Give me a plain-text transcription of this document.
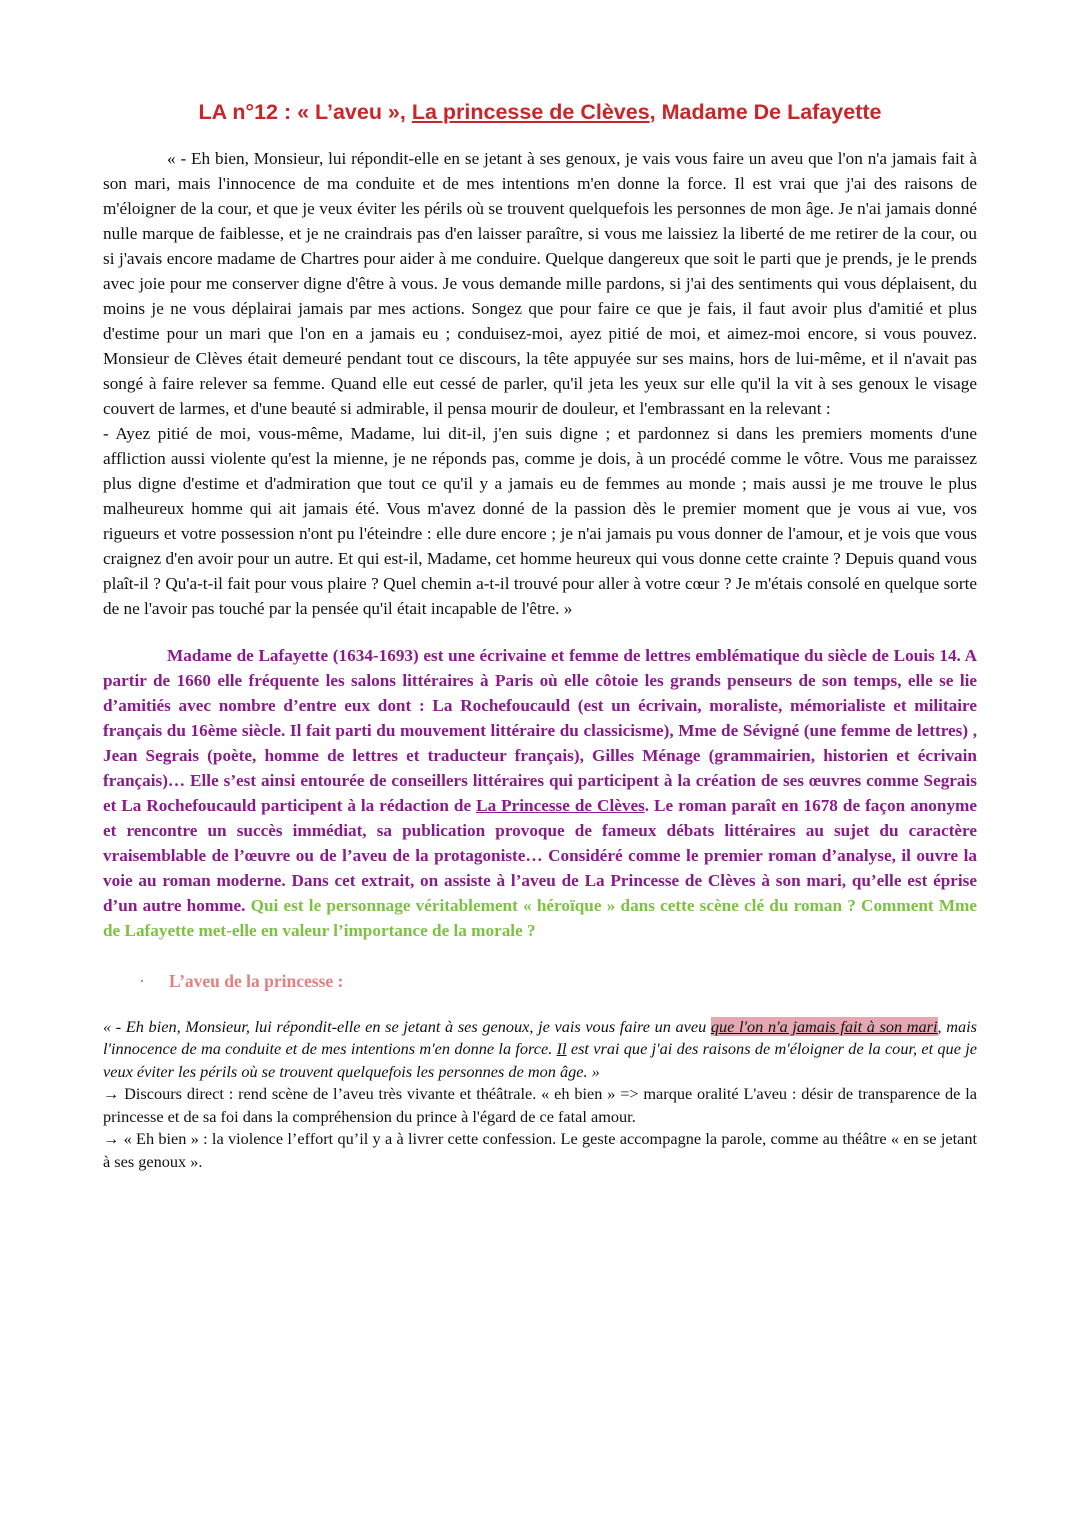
LA n°12 : « L’aveu », La princesse de Clèves, Madame De Lafayette

« - Eh bien, Monsieur, lui répondit-elle en se jetant à ses genoux, je vais vous faire un aveu que l'on n'a jamais fait à son mari, mais l'innocence de ma conduite et de mes intentions m'en donne la force. Il est vrai que j'ai des raisons de m'éloigner de la cour, et que je veux éviter les périls où se trouvent quelquefois les personnes de mon âge. Je n'ai jamais donné nulle marque de faiblesse, et je ne craindrais pas d'en laisser paraître, si vous me laissiez la liberté de me retirer de la cour, ou si j'avais encore madame de Chartres pour aider à me conduire. Quelque dangereux que soit le parti que je prends, je le prends avec joie pour me conserver digne d'être à vous. Je vous demande mille pardons, si j'ai des sentiments qui vous déplaisent, du moins je ne vous déplairai jamais par mes actions. Songez que pour faire ce que je fais, il faut avoir plus d'amitié et plus d'estime pour un mari que l'on en a jamais eu ; conduisez-moi, ayez pitié de moi, et aimez-moi encore, si vous pouvez. Monsieur de Clèves était demeuré pendant tout ce discours, la tête appuyée sur ses mains, hors de lui-même, et il n'avait pas songé à faire relever sa femme. Quand elle eut cessé de parler, qu'il jeta les yeux sur elle qu'il la vit à ses genoux le visage couvert de larmes, et d'une beauté si admirable, il pensa mourir de douleur, et l'embrassant en la relevant :

- Ayez pitié de moi, vous-même, Madame, lui dit-il, j'en suis digne ; et pardonnez si dans les premiers moments d'une affliction aussi violente qu'est la mienne, je ne réponds pas, comme je dois, à un procédé comme le vôtre. Vous me paraissez plus digne d'estime et d'admiration que tout ce qu'il y a jamais eu de femmes au monde ; mais aussi je me trouve le plus malheureux homme qui ait jamais été. Vous m'avez donné de la passion dès le premier moment que je vous ai vue, vos rigueurs et votre possession n'ont pu l'éteindre : elle dure encore ; je n'ai jamais pu vous donner de l'amour, et je vois que vous craignez d'en avoir pour un autre. Et qui est-il, Madame, cet homme heureux qui vous donne cette crainte ? Depuis quand vous plaît-il ? Qu'a-t-il fait pour vous plaire ? Quel chemin a-t-il trouvé pour aller à votre cœur ? Je m'étais consolé en quelque sorte de ne l'avoir pas touché par la pensée qu'il était incapable de l'être. »

Madame de Lafayette (1634-1693) est une écrivaine et femme de lettres emblématique du siècle de Louis 14. A partir de 1660 elle fréquente les salons littéraires à Paris où elle côtoie les grands penseurs de son temps, elle se lie d’amitiés avec nombre d’entre eux dont : La Rochefoucauld (est un écrivain, moraliste, mémorialiste et militaire français du 16ème siècle. Il fait parti du mouvement littéraire du classicisme), Mme de Sévigné (une femme de lettres) , Jean Segrais (poète, homme de lettres et traducteur français), Gilles Ménage (grammairien, historien et écrivain français)… Elle s’est ainsi entourée de conseillers littéraires qui participent à la création de ses œuvres comme Segrais et La Rochefoucauld participent à la rédaction de La Princesse de Clèves. Le roman paraît en 1678 de façon anonyme et rencontre un succès immédiat, sa publication provoque de fameux débats littéraires au sujet du caractère vraisemblable de l’œuvre ou de l’aveu de la protagoniste… Considéré comme le premier roman d’analyse, il ouvre la voie au roman moderne. Dans cet extrait, on assiste à l’aveu de La Princesse de Clèves à son mari, qu’elle est éprise d’un autre homme. Qui est le personnage véritablement « héroïque » dans cette scène clé du roman ? Comment Mme de Lafayette met-elle en valeur l’importance de la morale ?

·	L’aveu de la princesse :

« - Eh bien, Monsieur, lui répondit-elle en se jetant à ses genoux, je vais vous faire un aveu que l'on n'a jamais fait à son mari, mais l'innocence de ma conduite et de mes intentions m'en donne la force. Il est vrai que j'ai des raisons de m'éloigner de la cour, et que je veux éviter les périls où se trouvent quelquefois les personnes de mon âge. »

→ Discours direct : rend scène de l’aveu très vivante et théâtrale. « eh bien » => marque oralité L'aveu : désir de transparence de la princesse et de sa foi dans la compréhension du prince à l'égard de ce fatal amour.

→ « Eh bien » : la violence l’effort qu’il y a à livrer cette confession. Le geste accompagne la parole, comme au théâtre « en se jetant à ses genoux ».
